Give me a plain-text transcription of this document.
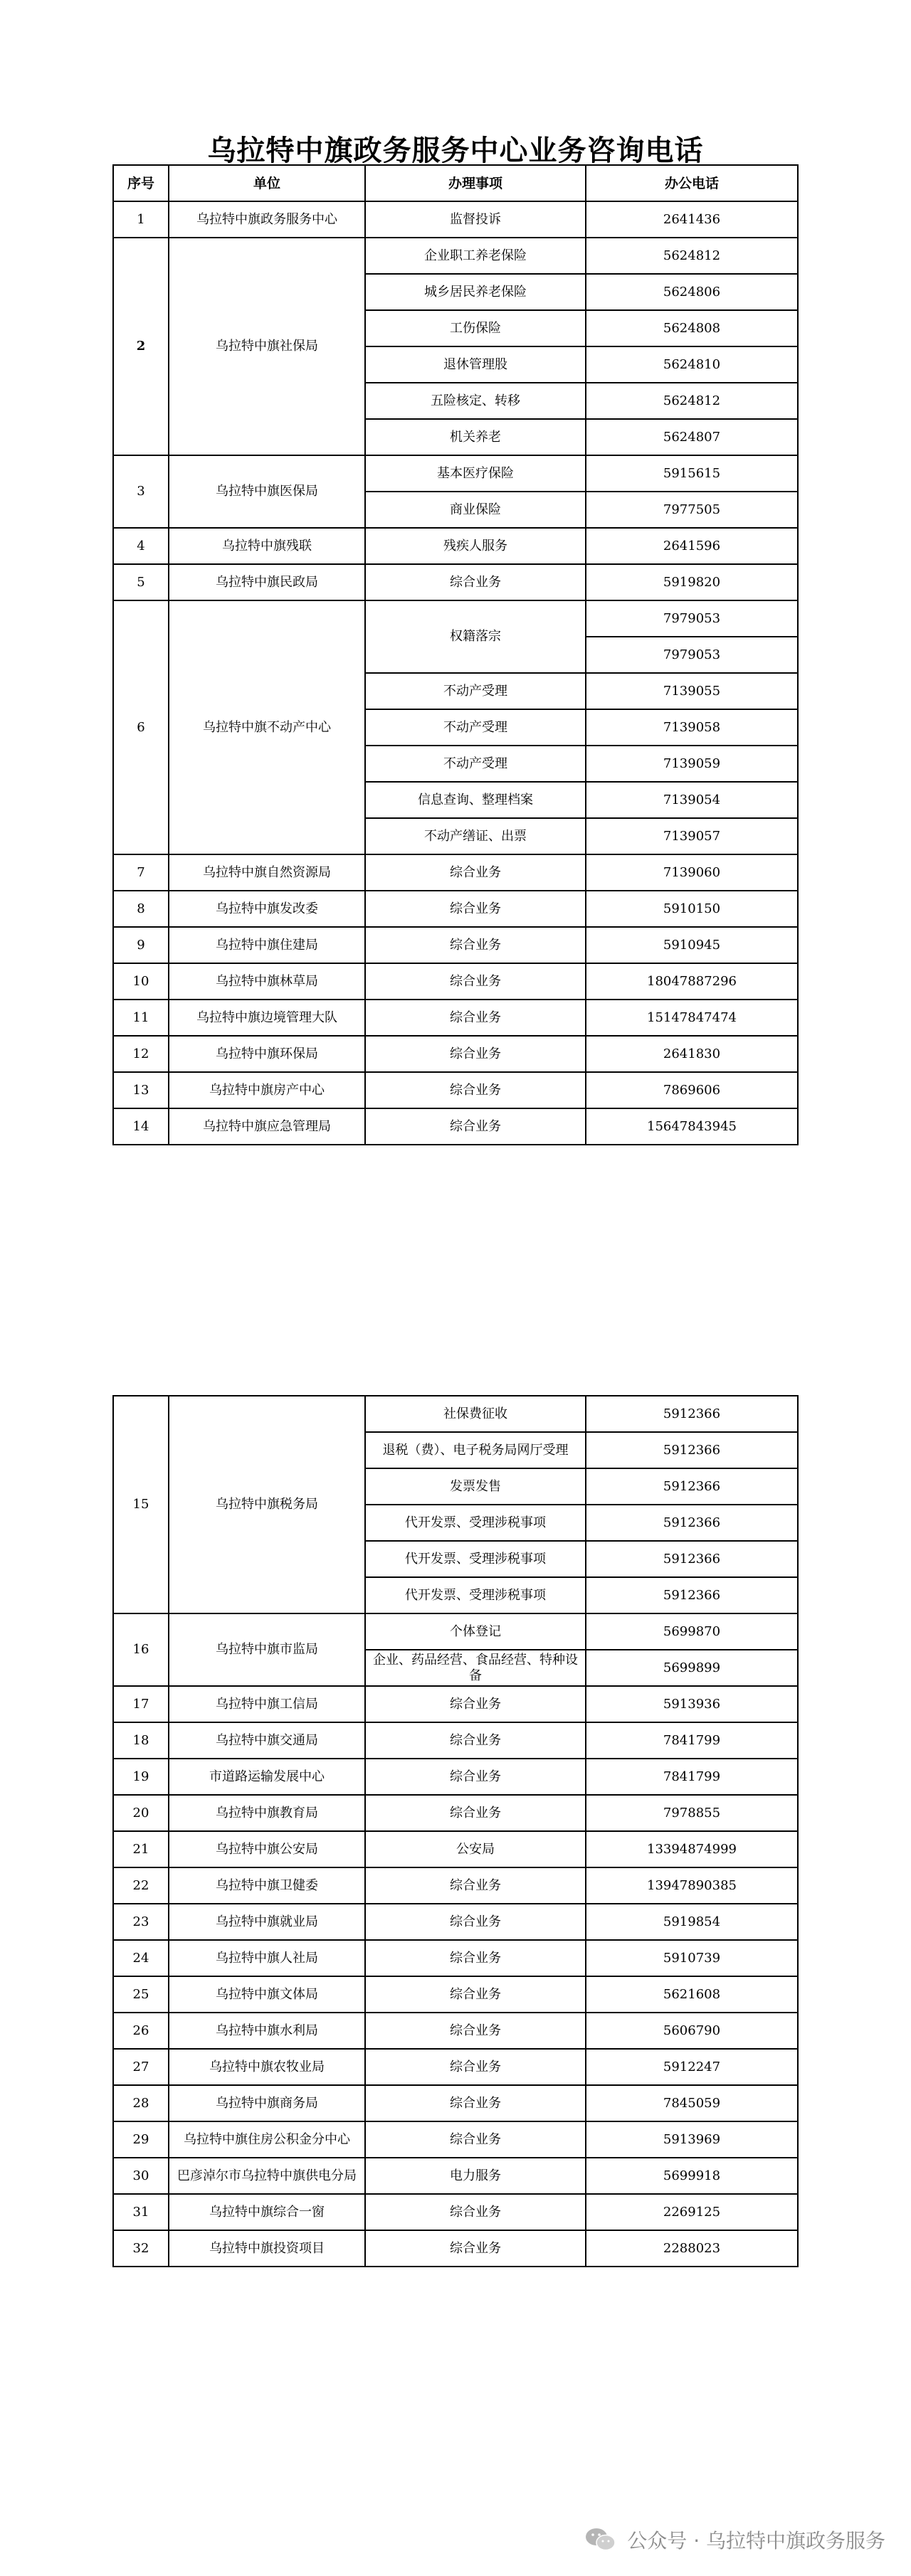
乌拉特中旗政务服务中心业务咨询电话
序号	单位	办理事项	办公电话
1	乌拉特中旗政务服务中心	监督投诉	2641436
2	乌拉特中旗社保局	企业职工养老保险	5624812
		城乡居民养老保险	5624806
		工伤保险	5624808
		退休管理股	5624810
		五险核定、转移	5624812
		机关养老	5624807
3	乌拉特中旗医保局	基本医疗保险	5915615
		商业保险	7977505
4	乌拉特中旗残联	残疾人服务	2641596
5	乌拉特中旗民政局	综合业务	5919820
6	乌拉特中旗不动产中心	权籍落宗	7979053
			7979053
		不动产受理	7139055
		不动产受理	7139058
		不动产受理	7139059
		信息查询、整理档案	7139054
		不动产缮证、出票	7139057
7	乌拉特中旗自然资源局	综合业务	7139060
8	乌拉特中旗发改委	综合业务	5910150
9	乌拉特中旗住建局	综合业务	5910945
10	乌拉特中旗林草局	综合业务	18047887296
11	乌拉特中旗边境管理大队	综合业务	15147847474
12	乌拉特中旗环保局	综合业务	2641830
13	乌拉特中旗房产中心	综合业务	7869606
14	乌拉特中旗应急管理局	综合业务	15647843945
15	乌拉特中旗税务局	社保费征收	5912366
		退税（费）、电子税务局网厅受理	5912366
		发票发售	5912366
		代开发票、受理涉税事项	5912366
		代开发票、受理涉税事项	5912366
		代开发票、受理涉税事项	5912366
16	乌拉特中旗市监局	个体登记	5699870
		企业、药品经营、食品经营、特种设备	5699899
17	乌拉特中旗工信局	综合业务	5913936
18	乌拉特中旗交通局	综合业务	7841799
19	市道路运输发展中心	综合业务	7841799
20	乌拉特中旗教育局	综合业务	7978855
21	乌拉特中旗公安局	公安局	13394874999
22	乌拉特中旗卫健委	综合业务	13947890385
23	乌拉特中旗就业局	综合业务	5919854
24	乌拉特中旗人社局	综合业务	5910739
25	乌拉特中旗文体局	综合业务	5621608
26	乌拉特中旗水利局	综合业务	5606790
27	乌拉特中旗农牧业局	综合业务	5912247
28	乌拉特中旗商务局	综合业务	7845059
29	乌拉特中旗住房公积金分中心	综合业务	5913969
30	巴彦淖尔市乌拉特中旗供电分局	电力服务	5699918
31	乌拉特中旗综合一窗	综合业务	2269125
32	乌拉特中旗投资项目	综合业务	2288023
公众号 · 乌拉特中旗政务服务
